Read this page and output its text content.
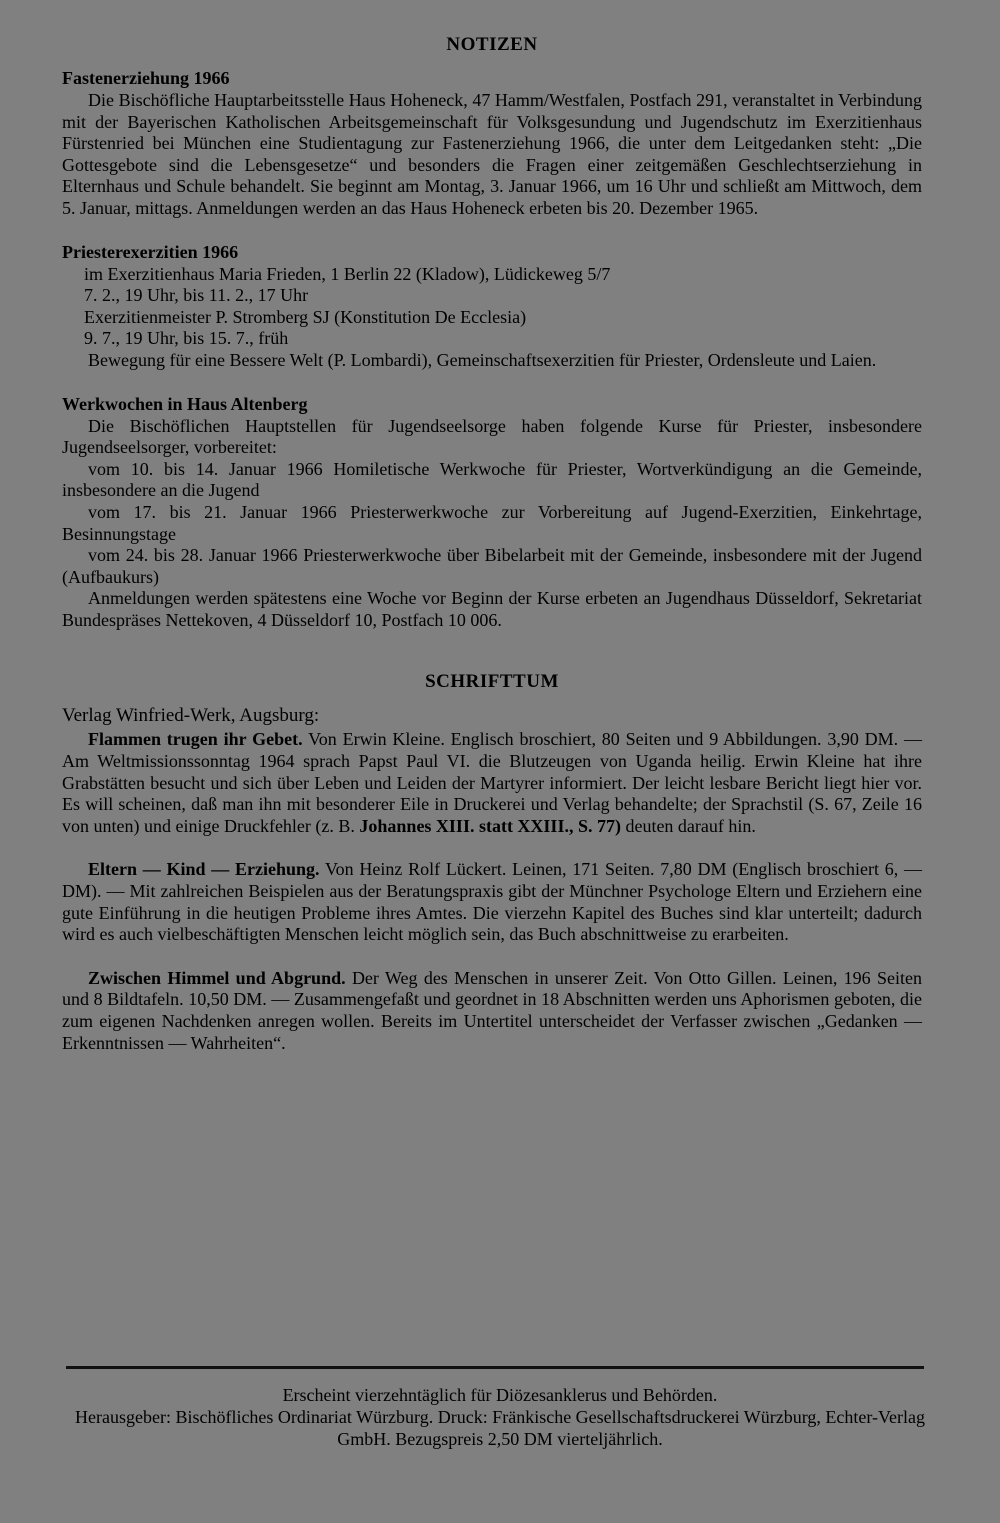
NOTIZEN
Fastenerziehung 1966

Die Bischöfliche Hauptarbeitsstelle Haus Hoheneck, 47 Hamm/Westfalen, Postfach 291, veranstaltet in Verbindung mit der Bayerischen Katholischen Arbeitsgemeinschaft für Volksgesundung und Jugendschutz im Exerzitienhaus Fürstenried bei München eine Studientagung zur Fastenerziehung 1966, die unter dem Leitgedanken steht: „Die Gottesgebote sind die Lebensgesetze“ und besonders die Fragen einer zeitgemäßen Geschlechtserziehung in Elternhaus und Schule behandelt. Sie beginnt am Montag, 3. Januar 1966, um 16 Uhr und schließt am Mittwoch, dem 5. Januar, mittags. Anmeldungen werden an das Haus Hoheneck erbeten bis 20. Dezember 1965.

Priesterexerzitien 1966
im Exerzitienhaus Maria Frieden, 1 Berlin 22 (Kladow), Lüdickeweg 5/7
7. 2., 19 Uhr, bis 11. 2., 17 Uhr
Exerzitienmeister P. Stromberg SJ (Konstitution De Ecclesia)
9. 7., 19 Uhr, bis 15. 7., früh

Bewegung für eine Bessere Welt (P. Lombardi), Gemeinschaftsexerzitien für Priester, Ordensleute und Laien.

Werkwochen in Haus Altenberg

Die Bischöflichen Hauptstellen für Jugendseelsorge haben folgende Kurse für Priester, insbesondere Jugendseelsorger, vorbereitet:

vom 10. bis 14. Januar 1966 Homiletische Werkwoche für Priester, Wortverkündigung an die Gemeinde, insbesondere an die Jugend

vom 17. bis 21. Januar 1966 Priesterwerkwoche zur Vorbereitung auf Jugend-Exerzitien, Einkehrtage, Besinnungstage

vom 24. bis 28. Januar 1966 Priesterwerkwoche über Bibelarbeit mit der Gemeinde, insbesondere mit der Jugend (Aufbaukurs)

Anmeldungen werden spätestens eine Woche vor Beginn der Kurse erbeten an Jugendhaus Düsseldorf, Sekretariat Bundespräses Nettekoven, 4 Düsseldorf 10, Postfach 10 006.

SCHRIFTTUM
Verlag Winfried-Werk, Augsburg:

Flammen trugen ihr Gebet. Von Erwin Kleine. Englisch broschiert, 80 Seiten und 9 Abbildungen. 3,90 DM. — Am Weltmissionssonntag 1964 sprach Papst Paul VI. die Blutzeugen von Uganda heilig. Erwin Kleine hat ihre Grabstätten besucht und sich über Leben und Leiden der Martyrer informiert. Der leicht lesbare Bericht liegt hier vor. Es will scheinen, daß man ihn mit besonderer Eile in Druckerei und Verlag behandelte; der Sprachstil (S. 67, Zeile 16 von unten) und einige Druckfehler (z. B. Johannes XIII. statt XXIII., S. 77) deuten darauf hin.

Eltern — Kind — Erziehung. Von Heinz Rolf Lückert. Leinen, 171 Seiten. 7,80 DM (Englisch broschiert 6, —DM). — Mit zahlreichen Beispielen aus der Beratungspraxis gibt der Münchner Psychologe Eltern und Erziehern eine gute Einführung in die heutigen Probleme ihres Amtes. Die vierzehn Kapitel des Buches sind klar unterteilt; dadurch wird es auch vielbeschäftigten Menschen leicht möglich sein, das Buch abschnittweise zu erarbeiten.

Zwischen Himmel und Abgrund. Der Weg des Menschen in unserer Zeit. Von Otto Gillen. Leinen, 196 Seiten und 8 Bildtafeln. 10,50 DM. — Zusammengefaßt und geordnet in 18 Abschnitten werden uns Aphorismen geboten, die zum eigenen Nachdenken anregen wollen. Bereits im Untertitel unterscheidet der Verfasser zwischen „Gedanken — Erkenntnissen — Wahrheiten“.

Erscheint vierzehntäglich für Diözesanklerus und Behörden.
Herausgeber: Bischöfliches Ordinariat Würzburg. Druck: Fränkische Gesellschaftsdruckerei Würzburg, Echter-Verlag GmbH. Bezugspreis 2,50 DM vierteljährlich.
